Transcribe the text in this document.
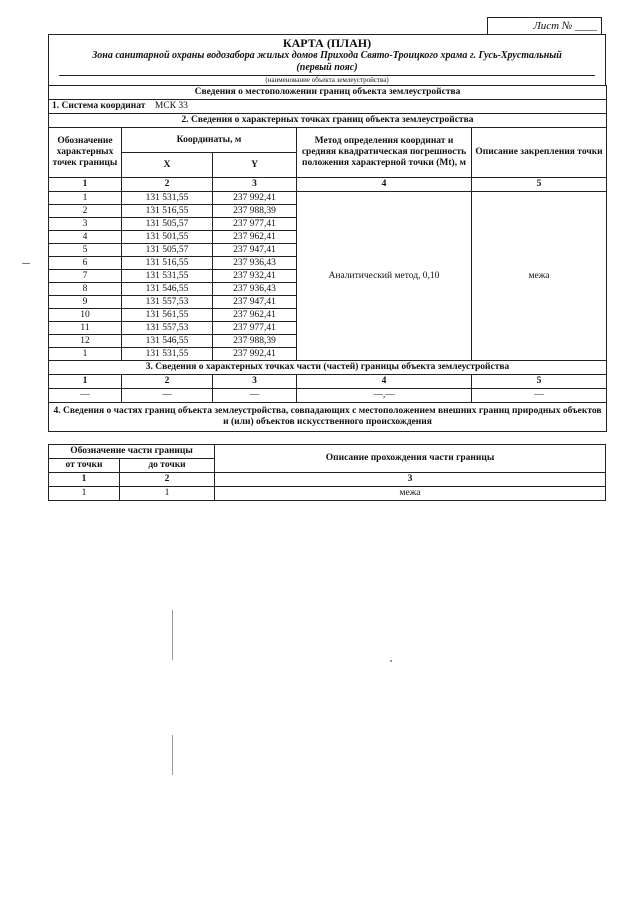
Лист № ____
КАРТА (ПЛАН)
Зона санитарной охраны водозабора жилых домов Прихода Свято-Троицкого храма г. Гусь-Хрустальный
(первый пояс)
(наименование объекта землеустройства)
Сведения о местоположении границ объекта землеустройства				
1. Система координат МСК 33				
2. Сведения о характерных точках границ объекта землеустройства				
Обозначение характерных точек границы	Координаты, м		Метод определения координат и средняя квадратическая погрешность положения характерной точки (Mt), м	Описание закрепления точки
	X	Y		
1	2	3	4	5
1	131 531,55	237 992,41	Аналитический метод, 0,10	межа
2	131 516,55	237 988,39		
3	131 505,57	237 977,41		
4	131 501,55	237 962,41		
5	131 505,57	237 947,41		
6	131 516,55	237 936,43		
7	131 531,55	237 932,41		
8	131 546,55	237 936,43		
9	131 557,53	237 947,41		
10	131 561,55	237 962,41		
11	131 557,53	237 977,41		
12	131 546,55	237 988,39		
1	131 531,55	237 992,41		
3. Сведения о характерных точках части (частей) границы объекта землеустройства				
1	2	3	4	5
—	—	—	—,—	—
4. Сведения о частях границ объекта землеустройства, совпадающих с местоположением внешних границ природных объектов и (или) объектов искусственного происхождения				
Обозначение части границы		Описание прохождения части границы
от точки	до точки	
1	2	3
1	1	межа
